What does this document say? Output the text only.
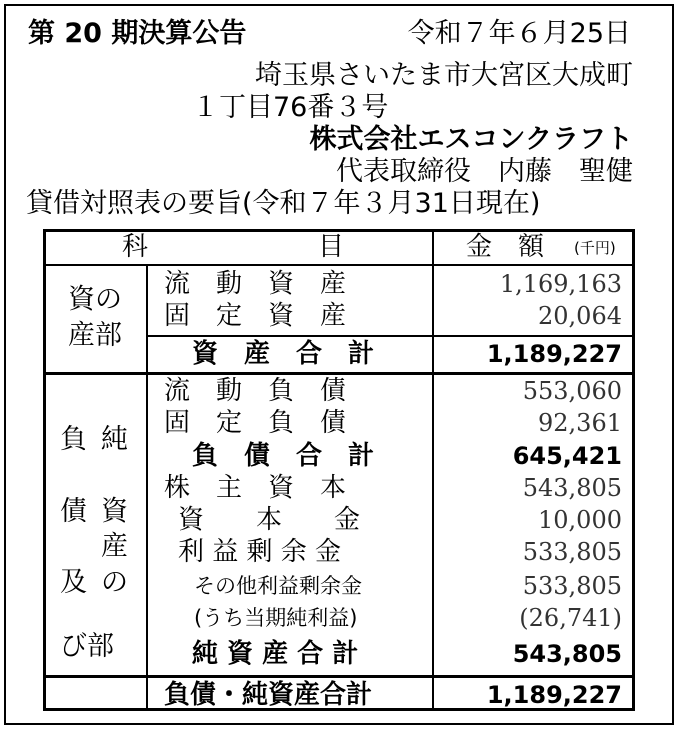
第 20 期決算公告	令和７年６月25日
埼玉県さいたま市大宮区大成町
１丁目76番３号
株式会社エスコンクラフト
代表取締役　内藤　聖健
貸借対照表の要旨(令和７年３月31日現在)
科	目	金　額 (千円)
資の
産部
流　動　資　産	1,169,163
固　定　資　産	20,064
資　産　合　計	1,189,227
負
債
及
び部
純
資
産
の
流　動　負　債	553,060
固　定　負　債	92,361
負　債　合　計	645,421
株　主　資　本	543,805
資　　本　　金	10,000
利 益 剰 余 金	533,805
その他利益剰余金	533,805
(うち当期純利益)	(26,741)
純 資 産 合 計	543,805
負債・純資産合計	1,189,227
